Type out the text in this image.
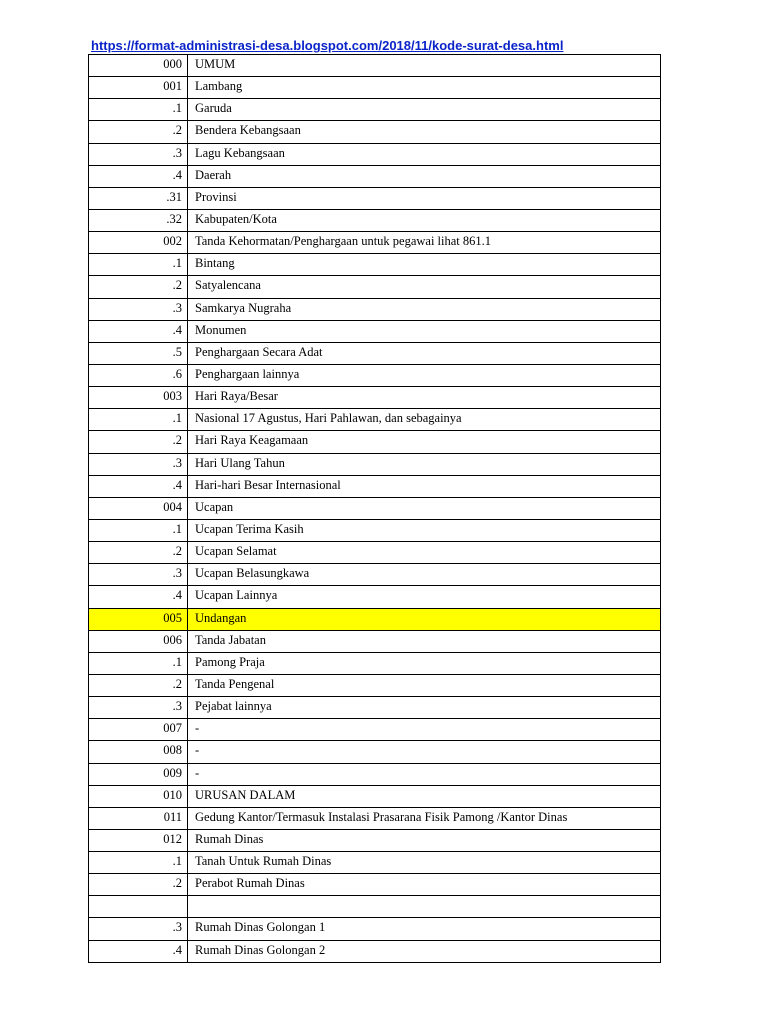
https://format-administrasi-desa.blogspot.com/2018/11/kode-surat-desa.html
000	UMUM
001	Lambang
.1	Garuda
.2	Bendera Kebangsaan
.3	Lagu Kebangsaan
.4	Daerah
.31	Provinsi
.32	Kabupaten/Kota
002	Tanda Kehormatan/Penghargaan untuk pegawai lihat 861.1
.1	Bintang
.2	Satyalencana
.3	Samkarya Nugraha
.4	Monumen
.5	Penghargaan Secara Adat
.6	Penghargaan lainnya
003	Hari Raya/Besar
.1	Nasional 17 Agustus, Hari Pahlawan, dan sebagainya
.2	Hari Raya Keagamaan
.3	Hari Ulang Tahun
.4	Hari-hari Besar Internasional
004	Ucapan
.1	Ucapan Terima Kasih
.2	Ucapan Selamat
.3	Ucapan Belasungkawa
.4	Ucapan Lainnya
005	Undangan
006	Tanda Jabatan
.1	Pamong Praja
.2	Tanda Pengenal
.3	Pejabat lainnya
007	-
008	-
009	-
010	URUSAN DALAM
011	Gedung Kantor/Termasuk Instalasi Prasarana Fisik Pamong /Kantor Dinas
012	Rumah Dinas
.1	Tanah Untuk Rumah Dinas
.2	Perabot Rumah Dinas

.3	Rumah Dinas Golongan 1
.4	Rumah Dinas Golongan 2
